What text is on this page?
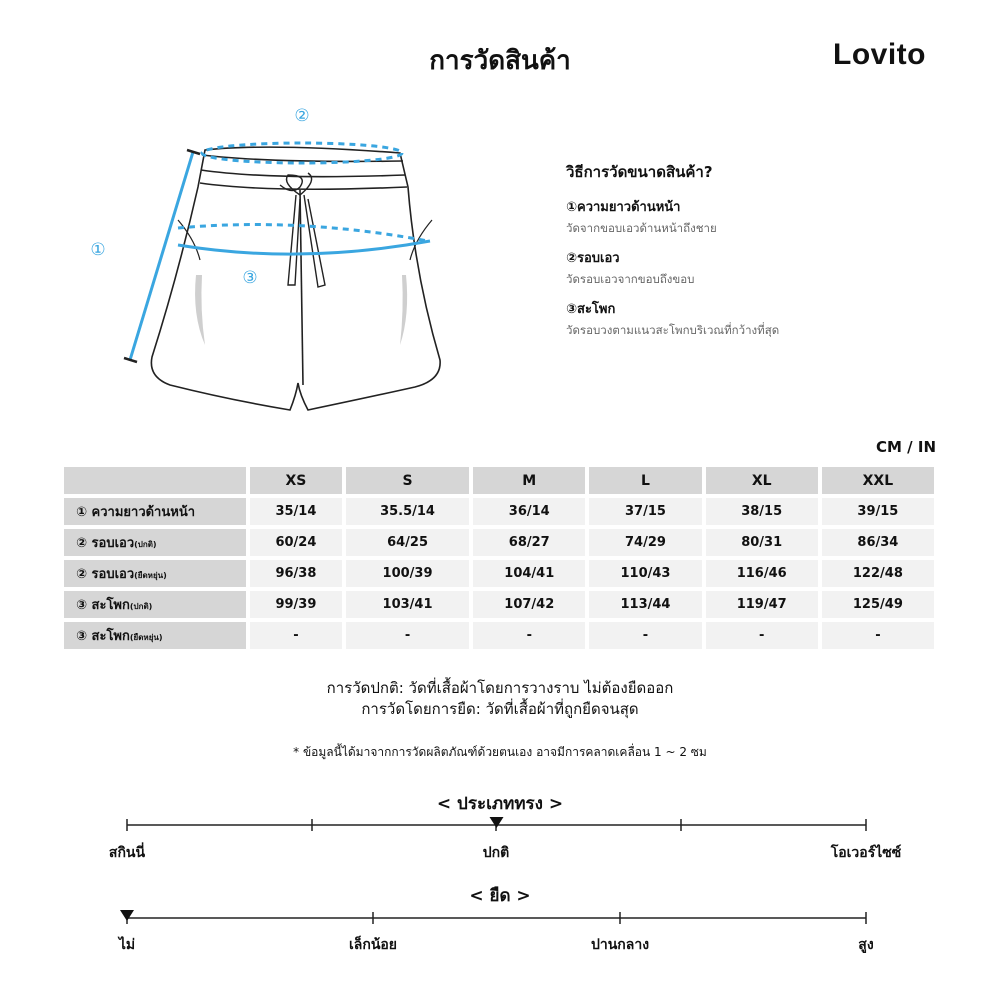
การวัดสินค้า	Lovito
①
②
③
วิธีการวัดขนาดสินค้า?
①ความยาวด้านหน้า
วัดจากขอบเอวด้านหน้าถึงชาย
②รอบเอว
วัดรอบเอวจากขอบถึงขอบ
③สะโพก
วัดรอบวงตามแนวสะโพกบริเวณที่กว้างที่สุด
CM / IN
	XS	S	M	L	XL	XXL
① ความยาวด้านหน้า	35/14	35.5/14	36/14	37/15	38/15	39/15
② รอบเอว(ปกติ)	60/24	64/25	68/27	74/29	80/31	86/34
② รอบเอว(ยืดหยุ่น)	96/38	100/39	104/41	110/43	116/46	122/48
③ สะโพก(ปกติ)	99/39	103/41	107/42	113/44	119/47	125/49
③ สะโพก(ยืดหยุ่น)	-	-	-	-	-	-
การวัดปกติ: วัดที่เสื้อผ้าโดยการวางราบ ไม่ต้องยืดออก
การวัดโดยการยืด: วัดที่เสื้อผ้าที่ถูกยืดจนสุด
* ข้อมูลนี้ได้มาจากการวัดผลิตภัณฑ์ด้วยตนเอง อาจมีการคลาดเคลื่อน 1 ~ 2 ซม
< ประเภททรง >
สกินนี่	ปกติ	โอเวอร์ไซซ์
< ยืด >
ไม่	เล็กน้อย	ปานกลาง	สูง
